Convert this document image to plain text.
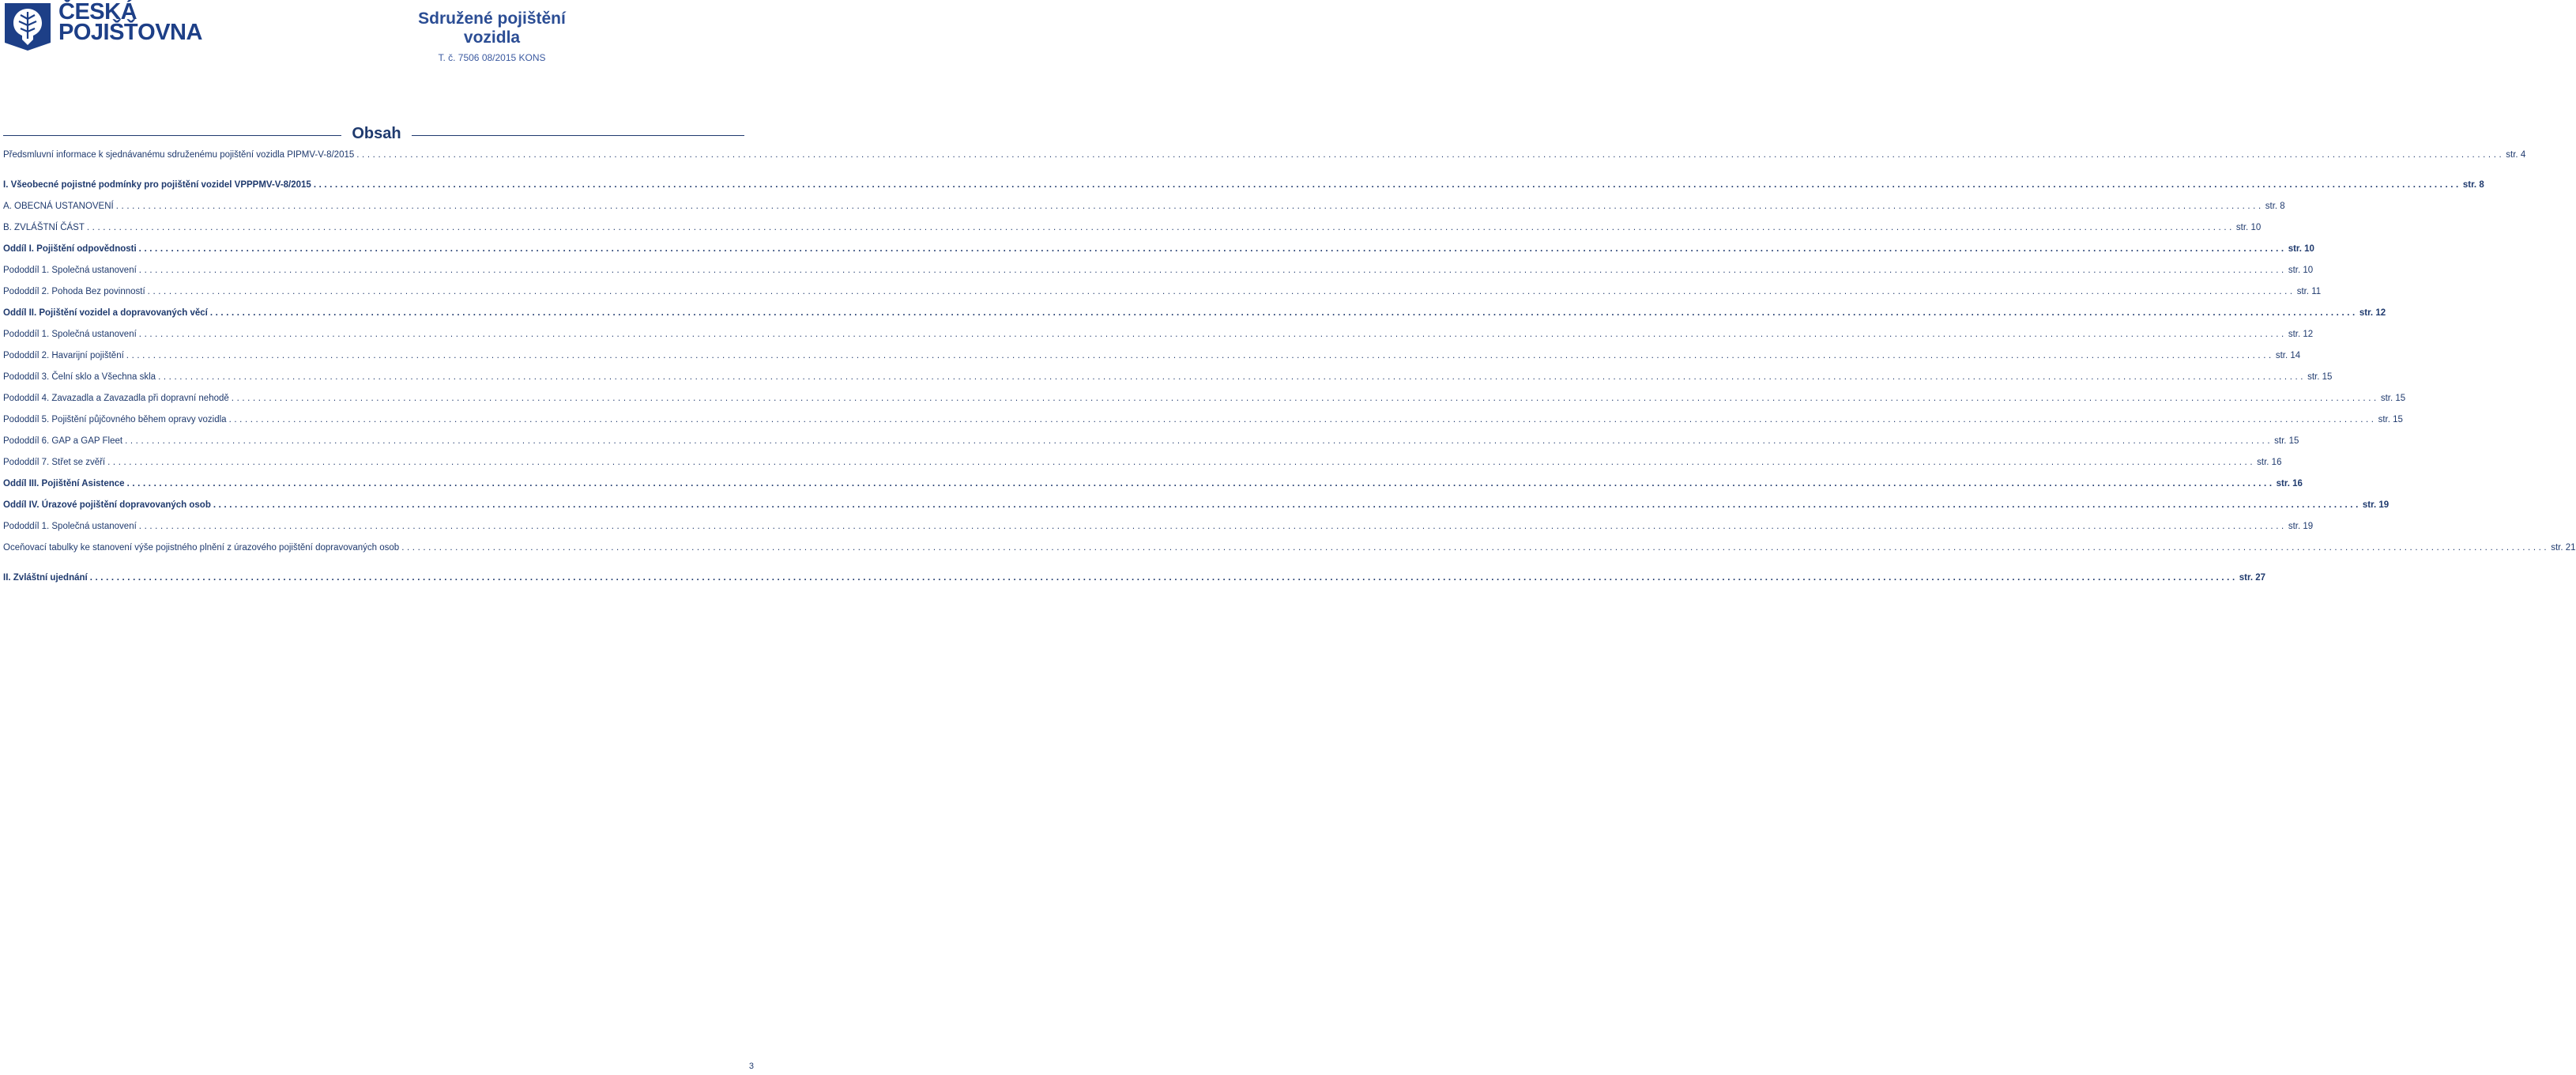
ČESKÁ
POJIŠŤOVNA
Sdružené pojištění vozidla
T. č. 7506 08/2015 KONS
Obsah
Předsmluvní informace k sjednávanému sdruženému pojištění vozidla PIPMV-V-8/2015 ................................................................................................................................................................................................................................................................................................................................................................................................................ str. 4
I. Všeobecné pojistné podmínky pro pojištění vozidel VPPPMV-V-8/2015 ................................................................................................................................................................................................................................................................................................................................................................................................................ str. 8
A. OBECNÁ USTANOVENÍ ................................................................................................................................................................................................................................................................................................................................................................................................................ str. 8
B. ZVLÁŠTNÍ ČÁST ................................................................................................................................................................................................................................................................................................................................................................................................................ str. 10
Oddíl I. Pojištění odpovědnosti ................................................................................................................................................................................................................................................................................................................................................................................................................ str. 10
Pododdíl 1. Společná ustanovení ................................................................................................................................................................................................................................................................................................................................................................................................................ str. 10
Pododdíl 2. Pohoda Bez povinností ................................................................................................................................................................................................................................................................................................................................................................................................................ str. 11
Oddíl II. Pojištění vozidel a dopravovaných věcí ................................................................................................................................................................................................................................................................................................................................................................................................................ str. 12
Pododdíl 1. Společná ustanovení ................................................................................................................................................................................................................................................................................................................................................................................................................ str. 12
Pododdíl 2. Havarijní pojištění ................................................................................................................................................................................................................................................................................................................................................................................................................ str. 14
Pododdíl 3. Čelní sklo a Všechna skla ................................................................................................................................................................................................................................................................................................................................................................................................................ str. 15
Pododdíl 4. Zavazadla a Zavazadla při dopravní nehodě ................................................................................................................................................................................................................................................................................................................................................................................................................ str. 15
Pododdíl 5. Pojištění půjčovného během opravy vozidla ................................................................................................................................................................................................................................................................................................................................................................................................................ str. 15
Pododdíl 6. GAP a GAP Fleet ................................................................................................................................................................................................................................................................................................................................................................................................................ str. 15
Pododdíl 7. Střet se zvěří ................................................................................................................................................................................................................................................................................................................................................................................................................ str. 16
Oddíl III. Pojištění Asistence ................................................................................................................................................................................................................................................................................................................................................................................................................ str. 16
Oddíl IV. Úrazové pojištění dopravovaných osob ................................................................................................................................................................................................................................................................................................................................................................................................................ str. 19
Pododdíl 1. Společná ustanovení ................................................................................................................................................................................................................................................................................................................................................................................................................ str. 19
Oceňovací tabulky ke stanovení výše pojistného plnění z úrazového pojištění dopravovaných osob ................................................................................................................................................................................................................................................................................................................................................................................................................ str. 21
II. Zvláštní ujednání ................................................................................................................................................................................................................................................................................................................................................................................................................ str. 27
3
